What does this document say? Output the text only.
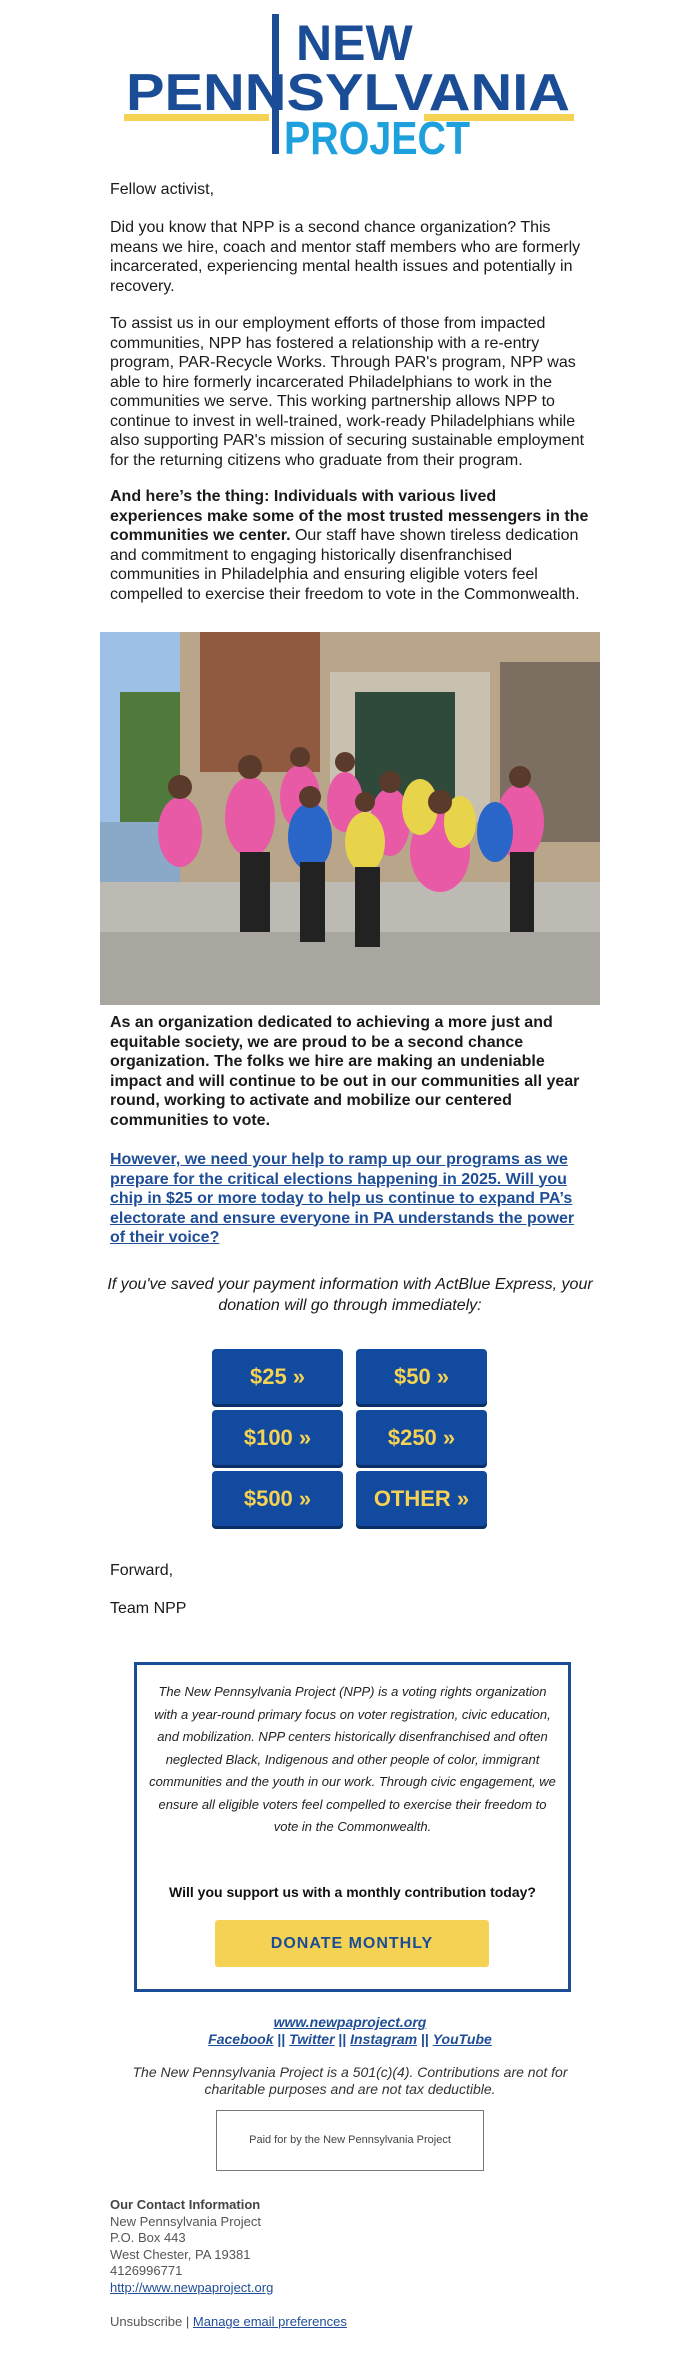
NEW
PENNSYLVANIA
PROJECT
Fellow activist,
Did you know that NPP is a second chance organization? This means we hire, coach and mentor staff members who are formerly incarcerated, experiencing mental health issues and potentially in recovery.
To assist us in our employment efforts of those from impacted communities, NPP has fostered a relationship with a re-entry program, PAR-Recycle Works. Through PAR's program, NPP was able to hire formerly incarcerated Philadelphians to work in the communities we serve. This working partnership allows NPP to continue to invest in well-trained, work-ready Philadelphians while also supporting PAR's mission of securing sustainable employment for the returning citizens who graduate from their program.
And here’s the thing: Individuals with various lived experiences make some of the most trusted messengers in the communities we center. Our staff have shown tireless dedication and commitment to engaging historically disenfranchised communities in Philadelphia and ensuring eligible voters feel compelled to exercise their freedom to vote in the Commonwealth.
As an organization dedicated to achieving a more just and equitable society, we are proud to be a second chance organization. The folks we hire are making an undeniable impact and will continue to be out in our communities all year round, working to activate and mobilize our centered communities to vote.
However, we need your help to ramp up our programs as we prepare for the critical elections happening in 2025. Will you chip in $25 or more today to help us continue to expand PA’s electorate and ensure everyone in PA understands the power of their voice?
If you've saved your payment information with ActBlue Express, your donation will go through immediately:
$25 »	$50 »
$100 »	$250 »
$500 »	OTHER »
Forward,
Team NPP
The New Pennsylvania Project (NPP) is a voting rights organization with a year-round primary focus on voter registration, civic education, and mobilization. NPP centers historically disenfranchised and often neglected Black, Indigenous and other people of color, immigrant communities and the youth in our work. Through civic engagement, we ensure all eligible voters feel compelled to exercise their freedom to vote in the Commonwealth.
Will you support us with a monthly contribution today?
DONATE MONTHLY
www.newpaproject.org
Facebook || Twitter || Instagram || YouTube
The New Pennsylvania Project is a 501(c)(4). Contributions are not for charitable purposes and are not tax deductible.
Paid for by the New Pennsylvania Project
Our Contact Information
New Pennsylvania Project
P.O. Box 443
West Chester, PA 19381
4126996771
http://www.newpaproject.org
Unsubscribe | Manage email preferences
